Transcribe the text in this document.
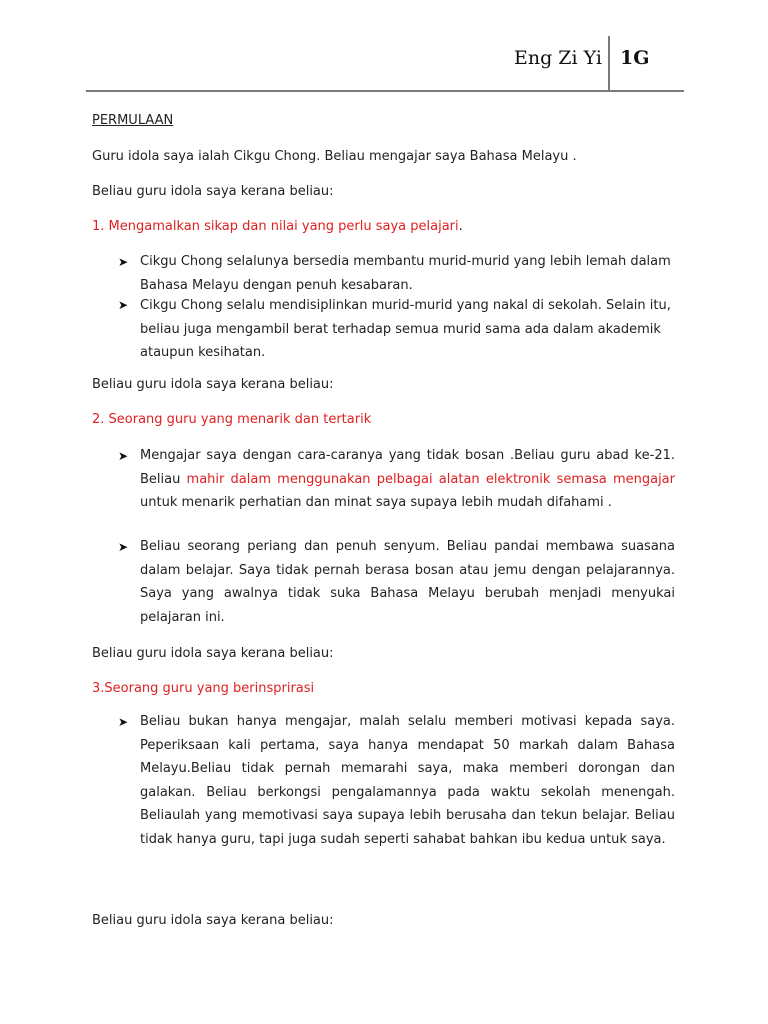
Eng Zi Yi 1G
PERMULAAN
Guru idola saya ialah Cikgu Chong. Beliau mengajar saya Bahasa Melayu .
Beliau guru idola saya kerana beliau:
1. Mengamalkan sikap dan nilai yang perlu saya pelajari.
➤ Cikgu Chong selalunya bersedia membantu murid-murid yang lebih lemah dalam Bahasa Melayu dengan penuh kesabaran.
➤ Cikgu Chong selalu mendisiplinkan murid-murid yang nakal di sekolah. Selain itu, beliau juga mengambil berat terhadap semua murid sama ada dalam akademik ataupun kesihatan.
Beliau guru idola saya kerana beliau:
2. Seorang guru yang menarik dan tertarik
➤ Mengajar saya dengan cara-caranya yang tidak bosan .Beliau guru abad ke-21. Beliau mahir dalam menggunakan pelbagai alatan elektronik semasa mengajar untuk menarik perhatian dan minat saya supaya lebih mudah difahami .
➤ Beliau seorang periang dan penuh senyum. Beliau pandai membawa suasana dalam belajar. Saya tidak pernah berasa bosan atau jemu dengan pelajarannya. Saya yang awalnya tidak suka Bahasa Melayu berubah menjadi menyukai pelajaran ini.
Beliau guru idola saya kerana beliau:
3.Seorang guru yang berinsprirasi
➤ Beliau bukan hanya mengajar, malah selalu memberi motivasi kepada saya. Peperiksaan kali pertama, saya hanya mendapat 50 markah dalam Bahasa Melayu.Beliau tidak pernah memarahi saya, maka memberi dorongan dan galakan. Beliau berkongsi pengalamannya pada waktu sekolah menengah. Beliaulah yang memotivasi saya supaya lebih berusaha dan tekun belajar. Beliau tidak hanya guru, tapi juga sudah seperti sahabat bahkan ibu kedua untuk saya.
Beliau guru idola saya kerana beliau:
